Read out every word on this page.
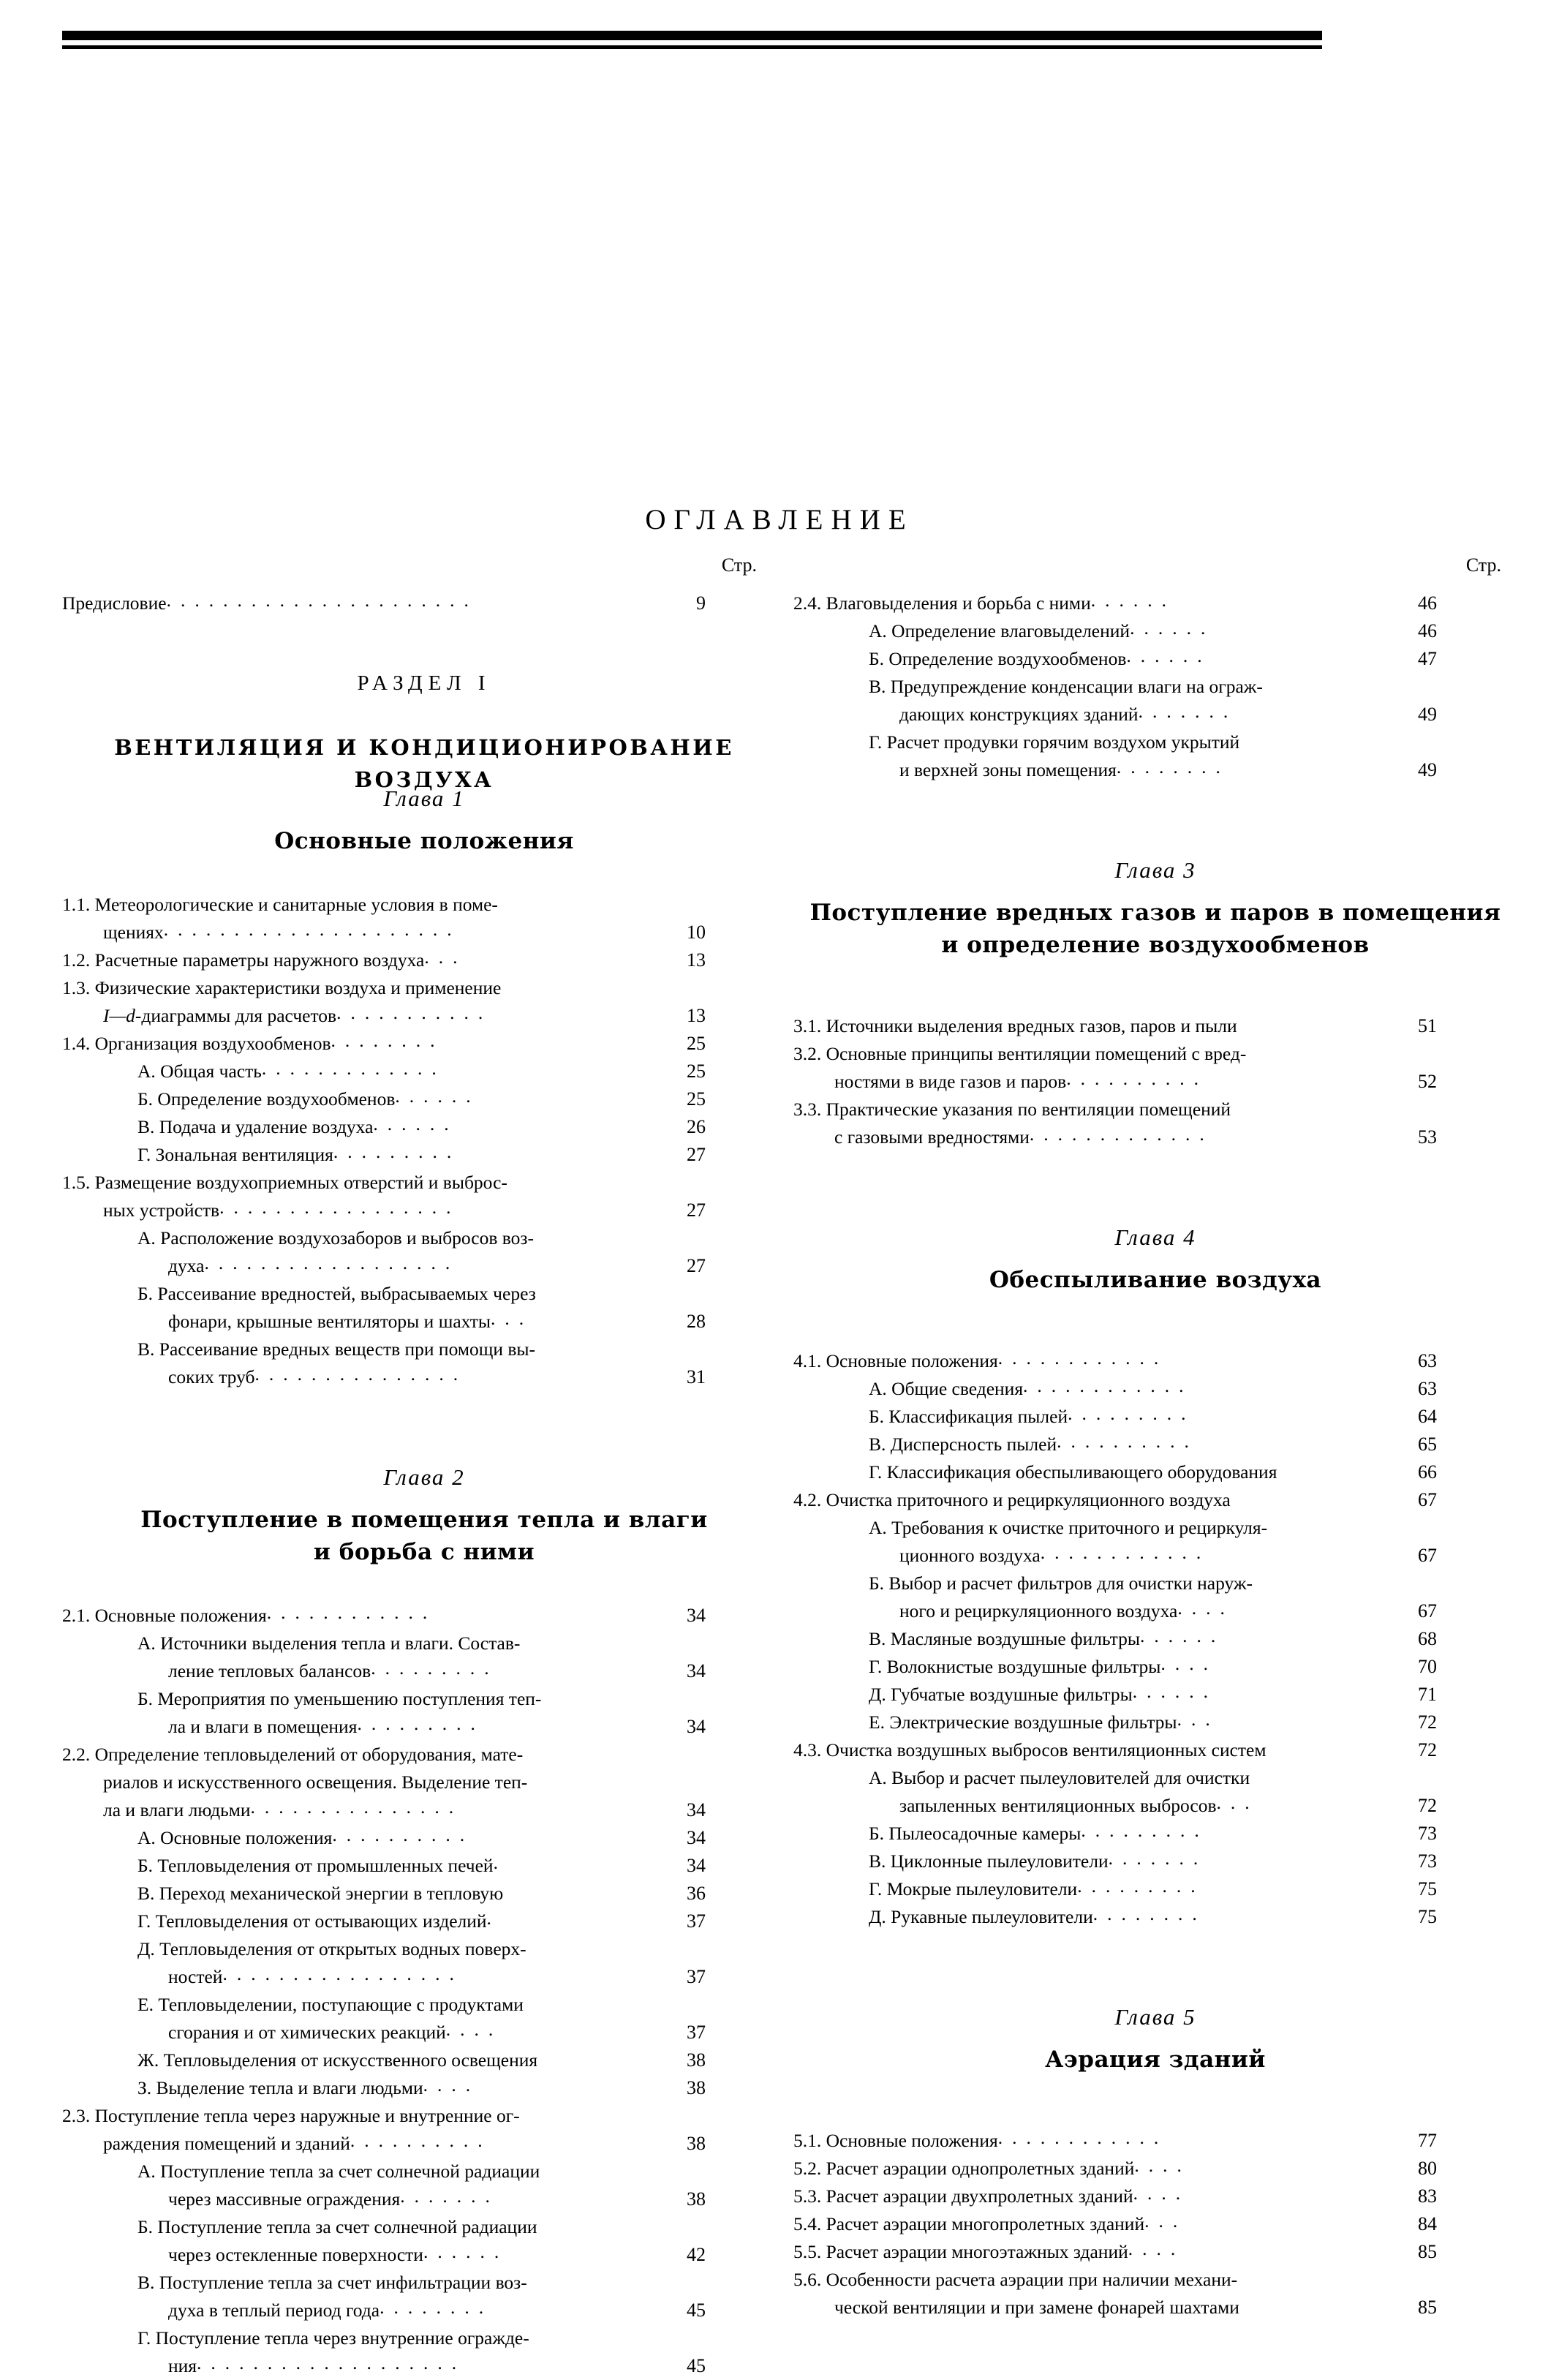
ОГЛАВЛЕНИЕ
Стр.
Предисловие......................	9
РАЗДЕЛ I
ВЕНТИЛЯЦИЯ И КОНДИЦИОНИРОВАНИЕ ВОЗДУХА
Глава 1
Основные положения
1.1. Метеорологические и санитарные условия в поме-
щениях.....................	10
1.2. Расчетные параметры наружного воздуха...	13
1.3. Физические характеристики воздуха и применение
I—d-диаграммы для расчетов...........	13
1.4. Организация воздухообменов........	25
А. Общая часть.............	25
Б. Определение воздухообменов......	25
В. Подача и удаление воздуха......	26
Г. Зональная вентиляция.........	27
1.5. Размещение воздухоприемных отверстий и выброс-
ных устройств.................	27
А. Расположение воздухозаборов и выбросов воз-
духа..................	27
Б. Рассеивание вредностей, выбрасываемых через
фонари, крышные вентиляторы и шахты...	28
В. Рассеивание вредных веществ при помощи вы-
соких труб...............	31
Глава 2
Поступление в помещения тепла и влаги
и борьба с ними
2.1. Основные положения............	34
А. Источники выделения тепла и влаги. Состав-
ление тепловых балансов.........	34
Б. Мероприятия по уменьшению поступления теп-
ла и влаги в помещения.........	34
2.2. Определение тепловыделений от оборудования, мате-
риалов и искусственного освещения. Выделение теп-
ла и влаги людьми...............	34
А. Основные положения..........	34
Б. Тепловыделения от промышленных печей.	34
В. Переход механической энергии в тепловую	36
Г. Тепловыделения от остывающих изделий.	37
Д. Тепловыделения от открытых водных поверх-
ностей.................	37
Е. Тепловыделении, поступающие с продуктами
сгорания и от химических реакций....	37
Ж. Тепловыделения от искусственного освещения	38
З. Выделение тепла и влаги людьми....	38
2.3. Поступление тепла через наружные и внутренние ог-
раждения помещений и зданий..........	38
А. Поступление тепла за счет солнечной радиации
через массивные ограждения.......	38
Б. Поступление тепла за счет солнечной радиации
через остекленные поверхности......	42
В. Поступление тепла за счет инфильтрации воз-
духа в теплый период года........	45
Г. Поступление тепла через внутренние огражде-
ния...................	45
Стр.
2.4. Влаговыделения и борьба с ними......	46
А. Определение влаговыделений......	46
Б. Определение воздухообменов......	47
В. Предупреждение конденсации влаги на ограж-
дающих конструкциях зданий.......	49
Г. Расчет продувки горячим воздухом укрытий
и верхней зоны помещения........	49
Глава 3
Поступление вредных газов и паров в помещения
и определение воздухообменов
3.1. Источники выделения вредных газов, паров и пыли	51
3.2. Основные принципы вентиляции помещений с вред-
ностями в виде газов и паров..........	52
3.3. Практические указания по вентиляции помещений
с газовыми вредностями.............	53
Глава 4
Обеспыливание воздуха
4.1. Основные положения............	63
А. Общие сведения............	63
Б. Классификация пылей.........	64
В. Дисперсность пылей..........	65
Г. Классификация обеспыливающего оборудования	66
4.2. Очистка приточного и рециркуляционного воздуха	67
А. Требования к очистке приточного и рециркуля-
ционного воздуха............	67
Б. Выбор и расчет фильтров для очистки наруж-
ного и рециркуляционного воздуха....	67
В. Масляные воздушные фильтры......	68
Г. Волокнистые воздушные фильтры....	70
Д. Губчатые воздушные фильтры......	71
Е. Электрические воздушные фильтры...	72
4.3. Очистка воздушных выбросов вентиляционных систем	72
А. Выбор и расчет пылеуловителей для очистки
запыленных вентиляционных выбросов...	72
Б. Пылеосадочные камеры.........	73
В. Циклонные пылеуловители.......	73
Г. Мокрые пылеуловители.........	75
Д. Рукавные пылеуловители........	75
Глава 5
Аэрация зданий
5.1. Основные положения............	77
5.2. Расчет аэрации однопролетных зданий....	80
5.3. Расчет аэрации двухпролетных зданий....	83
5.4. Расчет аэрации многопролетных зданий...	84
5.5. Расчет аэрации многоэтажных зданий....	85
5.6. Особенности расчета аэрации при наличии механи-
ческой вентиляции и при замене фонарей шахтами	85
